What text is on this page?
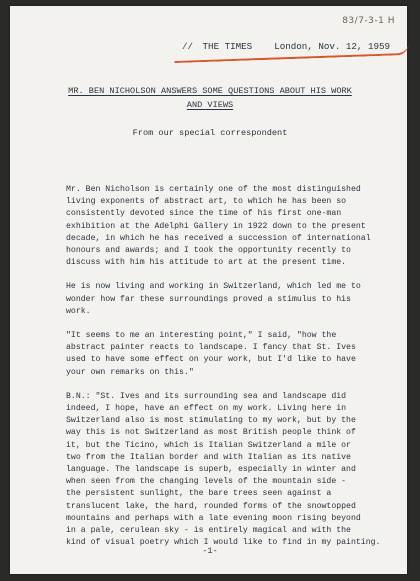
83/7-3-1 H
// THE TIMES London, Nov. 12, 1959
MR. BEN NICHOLSON ANSWERS SOME QUESTIONS ABOUT HIS WORK
AND VIEWS
From our special correspondent

Mr. Ben Nicholson is certainly one of the most distinguished
living exponents of abstract art, to which he has been so
consistently devoted since the time of his first one-man
exhibition at the Adelphi Gallery in 1922 down to the present
decade, in which he has received a succession of international
honours and awards; and I took the opportunity recently to
discuss with him his attitude to art at the present time.

He is now living and working in Switzerland, which led me to
wonder how far these surroundings proved a stimulus to his
work.

"It seems to me an interesting point," I said, "how the
abstract painter reacts to landscape. I fancy that St. Ives
used to have some effect on your work, but I'd like to have
your own remarks on this."

B.N.: "St. Ives and its surrounding sea and landscape did
indeed, I hope, have an effect on my work. Living here in
Switzerland also is most stimulating to my work, but by the
way this is not Switzerland as most British people think of
it, but the Ticino, which is Italian Switzerland a mile or
two from the Italian border and with Italian as its native
language. The landscape is superb, especially in winter and
when seen from the changing levels of the mountain side -
the persistent sunlight, the bare trees seen against a
translucent lake, the hard, rounded forms of the snowtopped
mountains and perhaps with a late evening moon rising beyond
in a pale, cerulean sky - is entirely magical and with the
kind of visual poetry which I would like to find in my painting.

-1-
